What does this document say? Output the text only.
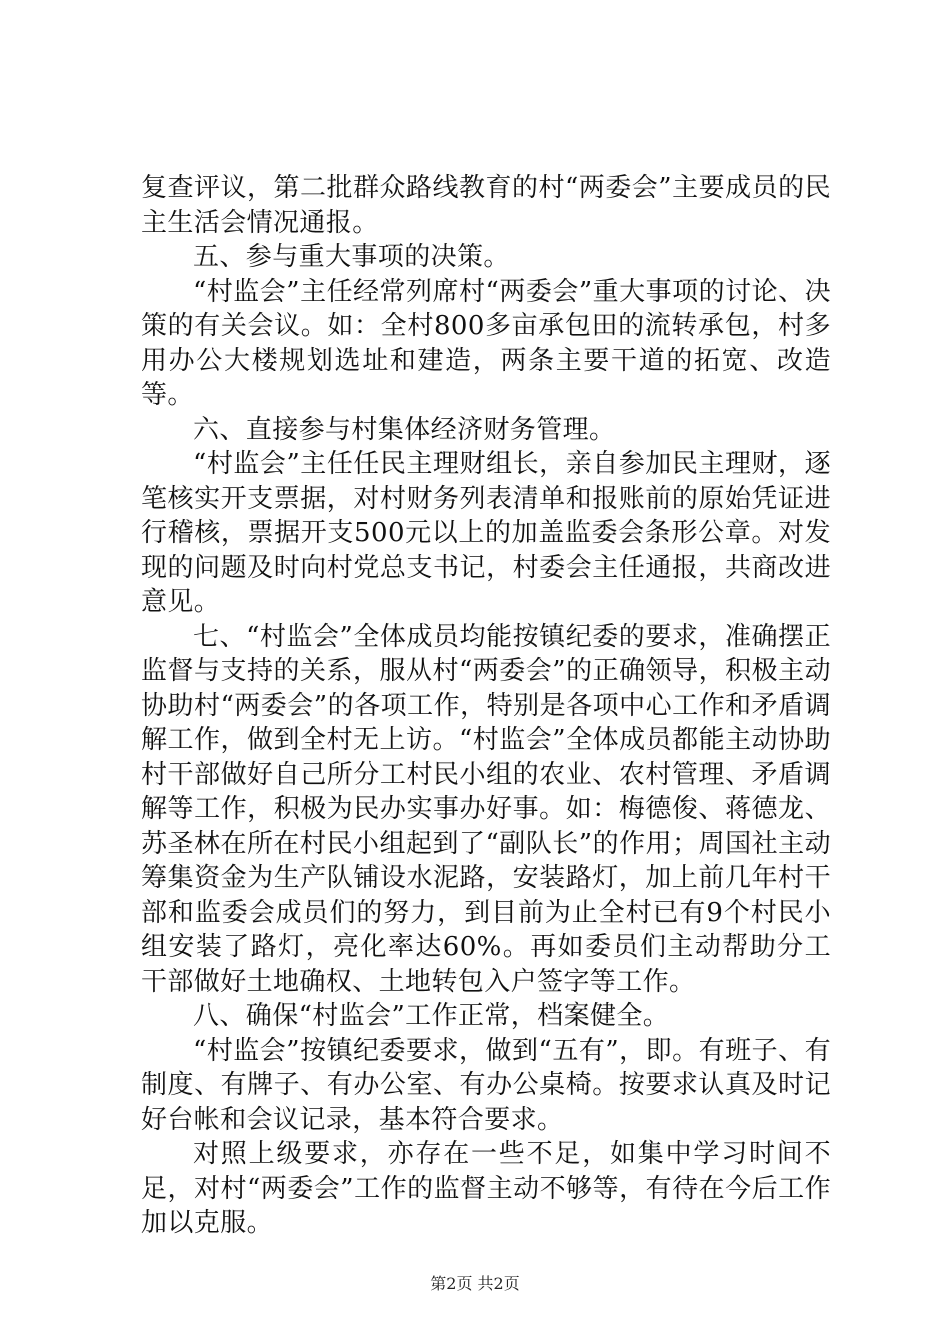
复查评议，第二批群众路线教育的村“两委会”主要成员的民主生活会情况通报。

五、参与重大事项的决策。

“村监会”主任经常列席村“两委会”重大事项的讨论、决策的有关会议。如：全村800多亩承包田的流转承包，村多用办公大楼规划选址和建造，两条主要干道的拓宽、改造等。

六、直接参与村集体经济财务管理。

“村监会”主任任民主理财组长，亲自参加民主理财，逐笔核实开支票据，对村财务列表清单和报账前的原始凭证进行稽核，票据开支500元以上的加盖监委会条形公章。对发现的问题及时向村党总支书记，村委会主任通报，共商改进意见。

七、“村监会”全体成员均能按镇纪委的要求，准确摆正监督与支持的关系，服从村“两委会”的正确领导，积极主动协助村“两委会”的各项工作，特别是各项中心工作和矛盾调解工作，做到全村无上访。“村监会”全体成员都能主动协助村干部做好自己所分工村民小组的农业、农村管理、矛盾调解等工作，积极为民办实事办好事。如：梅德俊、蒋德龙、苏圣林在所在村民小组起到了“副队长”的作用；周国社主动筹集资金为生产队铺设水泥路，安装路灯，加上前几年村干部和监委会成员们的努力，到目前为止全村已有9个村民小组安装了路灯，亮化率达60%。再如委员们主动帮助分工干部做好土地确权、土地转包入户签字等工作。

八、确保“村监会”工作正常，档案健全。

“村监会”按镇纪委要求，做到“五有”，即。有班子、有制度、有牌子、有办公室、有办公桌椅。按要求认真及时记好台帐和会议记录，基本符合要求。

对照上级要求，亦存在一些不足，如集中学习时间不足，对村“两委会”工作的监督主动不够等，有待在今后工作加以克服。

第2页 共2页
